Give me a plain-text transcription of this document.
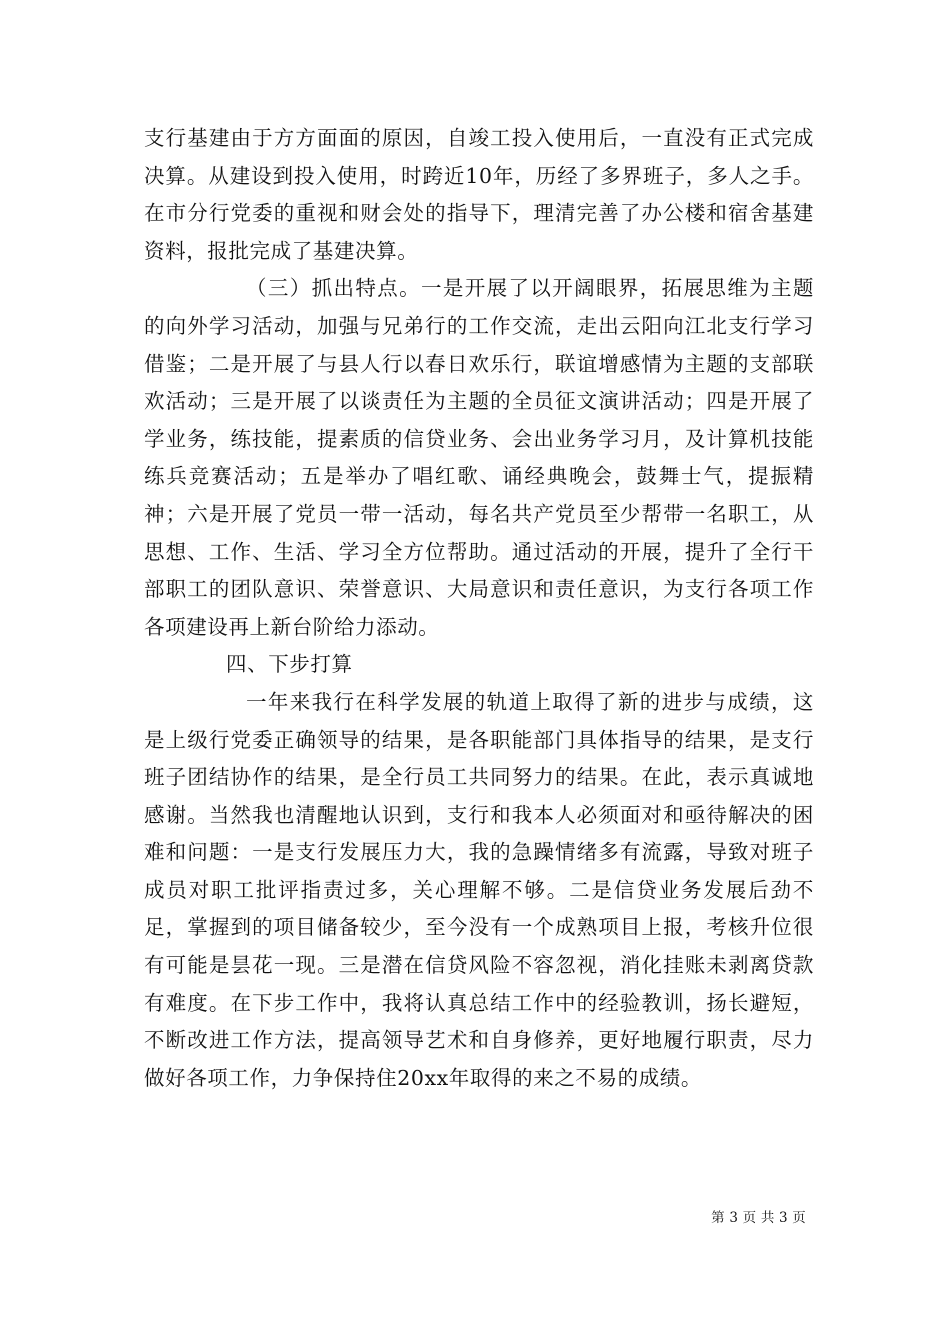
支行基建由于方方面面的原因，自竣工投入使用后，一直没有正式完成决算。从建设到投入使用，时跨近10年，历经了多界班子，多人之手。在市分行党委的重视和财会处的指导下，理清完善了办公楼和宿舍基建资料，报批完成了基建决算。

（三）抓出特点。一是开展了以开阔眼界，拓展思维为主题的向外学习活动，加强与兄弟行的工作交流，走出云阳向江北支行学习借鉴；二是开展了与县人行以春日欢乐行，联谊增感情为主题的支部联欢活动；三是开展了以谈责任为主题的全员征文演讲活动；四是开展了学业务，练技能，提素质的信贷业务、会出业务学习月，及计算机技能练兵竞赛活动；五是举办了唱红歌、诵经典晚会，鼓舞士气，提振精神；六是开展了党员一带一活动，每名共产党员至少帮带一名职工，从思想、工作、生活、学习全方位帮助。通过活动的开展，提升了全行干部职工的团队意识、荣誉意识、大局意识和责任意识，为支行各项工作各项建设再上新台阶给力添动。

四、下步打算

一年来我行在科学发展的轨道上取得了新的进步与成绩，这是上级行党委正确领导的结果，是各职能部门具体指导的结果，是支行班子团结协作的结果，是全行员工共同努力的结果。在此，表示真诚地感谢。当然我也清醒地认识到，支行和我本人必须面对和亟待解决的困难和问题：一是支行发展压力大，我的急躁情绪多有流露，导致对班子成员对职工批评指责过多，关心理解不够。二是信贷业务发展后劲不足，掌握到的项目储备较少，至今没有一个成熟项目上报，考核升位很有可能是昙花一现。三是潜在信贷风险不容忽视，消化挂账未剥离贷款有难度。在下步工作中，我将认真总结工作中的经验教训，扬长避短，不断改进工作方法，提高领导艺术和自身修养，更好地履行职责，尽力做好各项工作，力争保持住20xx年取得的来之不易的成绩。

第 3 页 共 3 页
